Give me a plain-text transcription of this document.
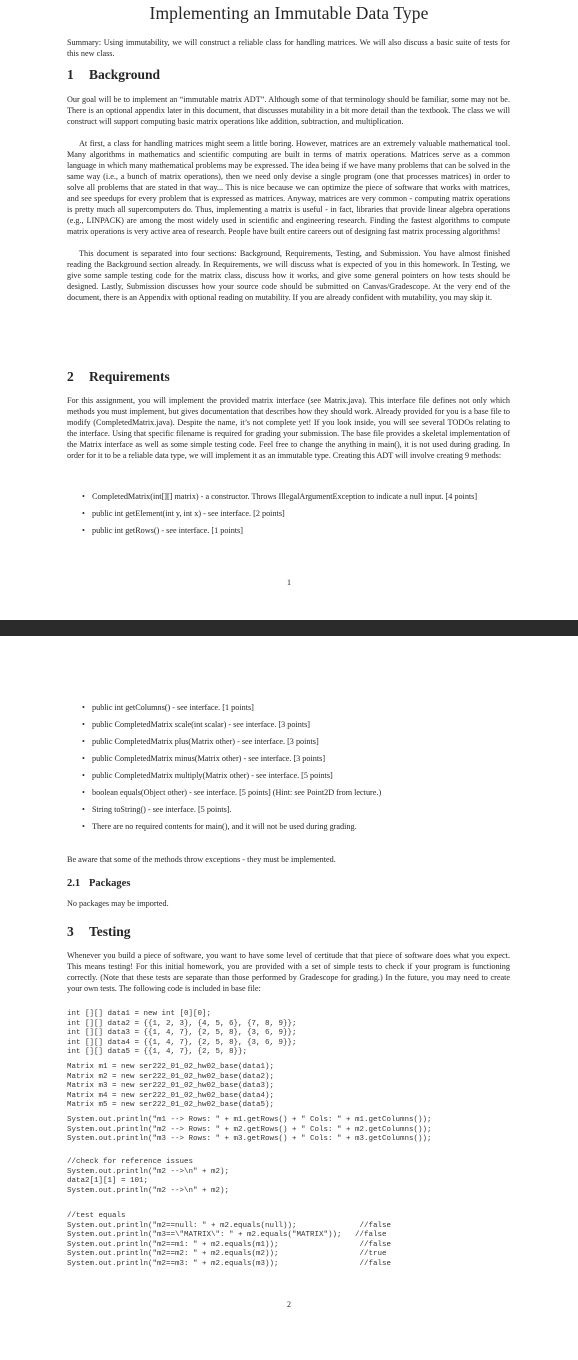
Implementing an Immutable Data Type

Summary: Using immutability, we will construct a reliable class for handling matrices. We will also discuss a basic suite of tests for this new class.

1 Background

Our goal will be to implement an “immutable matrix ADT”. Although some of that terminology should be familiar, some may not be. There is an optional appendix later in this document, that discusses mutability in a bit more detail than the textbook. The class we will construct will support computing basic matrix operations like addition, subtraction, and multiplication.

At first, a class for handling matrices might seem a little boring. However, matrices are an extremely valuable mathematical tool. Many algorithms in mathematics and scientific computing are built in terms of matrix operations. Matrices serve as a common language in which many mathematical problems may be expressed. The idea being if we have many problems that can be solved in the same way (i.e., a bunch of matrix operations), then we need only devise a single program (one that processes matrices) in order to solve all problems that are stated in that way... This is nice because we can optimize the piece of software that works with matrices, and see speedups for every problem that is expressed as matrices. Anyway, matrices are very common - computing matrix operations is pretty much all supercomputers do. Thus, implementing a matrix is useful - in fact, libraries that provide linear algebra operations (e.g., LINPACK) are among the most widely used in scientific and engineering research. Finding the fastest algorithms to compute matrix operations is very active area of research. People have built entire careers out of designing fast matrix processing algorithms!

This document is separated into four sections: Background, Requirements, Testing, and Submission. You have almost finished reading the Background section already. In Requirements, we will discuss what is expected of you in this homework. In Testing, we give some sample testing code for the matrix class, discuss how it works, and give some general pointers on how tests should be designed. Lastly, Submission discusses how your source code should be submitted on Canvas/Gradescope. At the very end of the document, there is an Appendix with optional reading on mutability. If you are already confident with mutability, you may skip it.

2 Requirements

For this assignment, you will implement the provided matrix interface (see Matrix.java). This interface file defines not only which methods you must implement, but gives documentation that describes how they should work. Already provided for you is a base file to modify (CompletedMatrix.java). Despite the name, it’s not complete yet! If you look inside, you will see several TODOs relating to the interface. Using that specific filename is required for grading your submission. The base file provides a skeletal implementation of the Matrix interface as well as some simple testing code. Feel free to change the anything in main(), it is not used during grading. In order for it to be a reliable data type, we will implement it as an immutable type. Creating this ADT will involve creating 9 methods:

• CompletedMatrix(int[][] matrix) - a constructor. Throws IllegalArgumentException to indicate a null input. [4 points]
• public int getElement(int y, int x) - see interface. [2 points]
• public int getRows() - see interface. [1 points]
1
• public int getColumns() - see interface. [1 points]
• public CompletedMatrix scale(int scalar) - see interface. [3 points]
• public CompletedMatrix plus(Matrix other) - see interface. [3 points]
• public CompletedMatrix minus(Matrix other) - see interface. [3 points]
• public CompletedMatrix multiply(Matrix other) - see interface. [5 points]
• boolean equals(Object other) - see interface. [5 points] (Hint: see Point2D from lecture.)
• String toString() - see interface. [5 points].
• There are no required contents for main(), and it will not be used during grading.

Be aware that some of the methods throw exceptions - they must be implemented.

2.1 Packages

No packages may be imported.

3 Testing

Whenever you build a piece of software, you want to have some level of certitude that that piece of software does what you expect. This means testing! For this initial homework, you are provided with a set of simple tests to check if your program is functioning correctly. (Note that these tests are separate than those performed by Gradescope for grading.) In the future, you may need to create your own tests. The following code is included in base file:

int [][] data1 = new int [0][0];
int [][] data2 = {{1, 2, 3}, {4, 5, 6}, {7, 8, 9}};
int [][] data3 = {{1, 4, 7}, {2, 5, 8}, {3, 6, 9}};
int [][] data4 = {{1, 4, 7}, {2, 5, 8}, {3, 6, 9}};
int [][] data5 = {{1, 4, 7}, {2, 5, 8}};
Matrix m1 = new ser222_01_02_hw02_base(data1);
Matrix m2 = new ser222_01_02_hw02_base(data2);
Matrix m3 = new ser222_01_02_hw02_base(data3);
Matrix m4 = new ser222_01_02_hw02_base(data4);
Matrix m5 = new ser222_01_02_hw02_base(data5);
System.out.println("m1 --> Rows: " + m1.getRows() + " Cols: " + m1.getColumns());
System.out.println("m2 --> Rows: " + m2.getRows() + " Cols: " + m2.getColumns());
System.out.println("m3 --> Rows: " + m3.getRows() + " Cols: " + m3.getColumns());
//check for reference issues
System.out.println("m2 -->\n" + m2);
data2[1][1] = 101;
System.out.println("m2 -->\n" + m2);
//test equals
System.out.println("m2==null: " + m2.equals(null));              //false
System.out.println("m3==\"MATRIX\": " + m2.equals("MATRIX"));   //false
System.out.println("m2==m1: " + m2.equals(m1));                  //false
System.out.println("m2==m2: " + m2.equals(m2));                  //true
System.out.println("m2==m3: " + m2.equals(m3));                  //false
2
